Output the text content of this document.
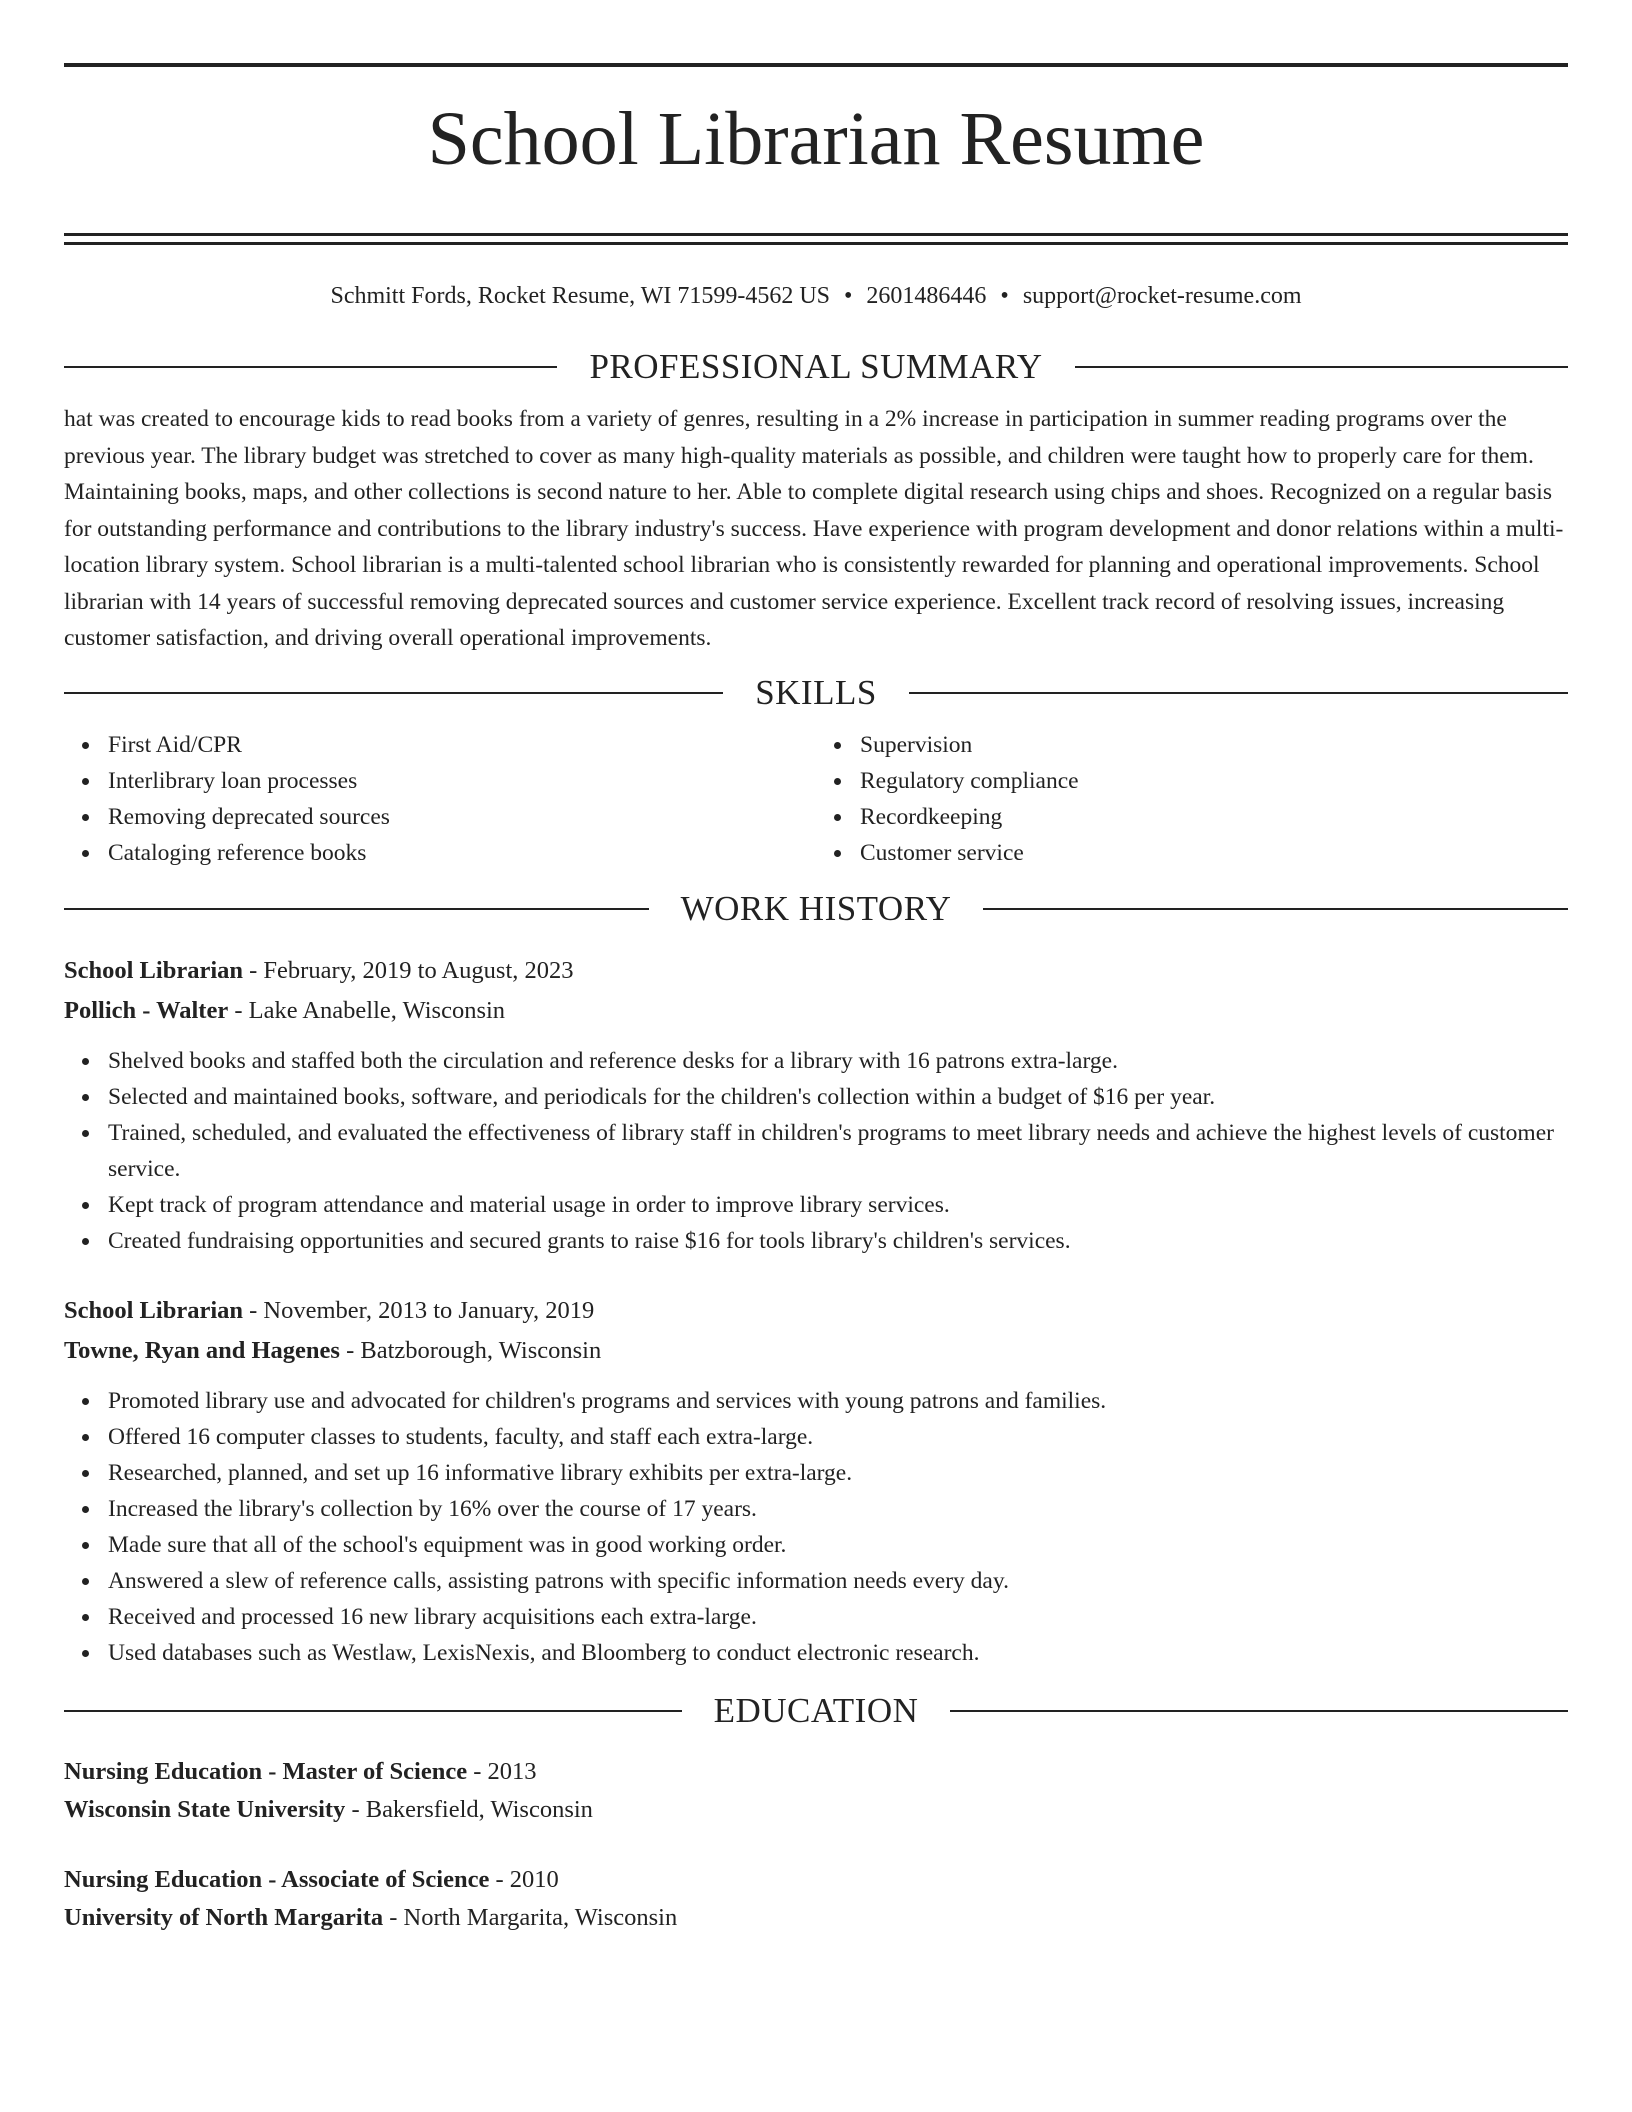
School Librarian Resume
Schmitt Fords, Rocket Resume, WI 71599-4562 US • 2601486446 • support@rocket-resume.com
PROFESSIONAL SUMMARY

hat was created to encourage kids to read books from a variety of genres, resulting in a 2% increase in participation in summer reading programs over the previous year. The library budget was stretched to cover as many high-quality materials as possible, and children were taught how to properly care for them. Maintaining books, maps, and other collections is second nature to her. Able to complete digital research using chips and shoes. Recognized on a regular basis for outstanding performance and contributions to the library industry's success. Have experience with program development and donor relations within a multi-location library system. School librarian is a multi-talented school librarian who is consistently rewarded for planning and operational improvements. School librarian with 14 years of successful removing deprecated sources and customer service experience. Excellent track record of resolving issues, increasing customer satisfaction, and driving overall operational improvements.

SKILLS
First Aid/CPR
Interlibrary loan processes
Removing deprecated sources
Cataloging reference books
Supervision
Regulatory compliance
Recordkeeping
Customer service
WORK HISTORY
School Librarian - February, 2019 to August, 2023
Pollich - Walter - Lake Anabelle, Wisconsin
Shelved books and staffed both the circulation and reference desks for a library with 16 patrons extra-large.
Selected and maintained books, software, and periodicals for the children's collection within a budget of $16 per year.
Trained, scheduled, and evaluated the effectiveness of library staff in children's programs to meet library needs and achieve the highest levels of customer service.
Kept track of program attendance and material usage in order to improve library services.
Created fundraising opportunities and secured grants to raise $16 for tools library's children's services.
School Librarian - November, 2013 to January, 2019
Towne, Ryan and Hagenes - Batzborough, Wisconsin
Promoted library use and advocated for children's programs and services with young patrons and families.
Offered 16 computer classes to students, faculty, and staff each extra-large.
Researched, planned, and set up 16 informative library exhibits per extra-large.
Increased the library's collection by 16% over the course of 17 years.
Made sure that all of the school's equipment was in good working order.
Answered a slew of reference calls, assisting patrons with specific information needs every day.
Received and processed 16 new library acquisitions each extra-large.
Used databases such as Westlaw, LexisNexis, and Bloomberg to conduct electronic research.
EDUCATION
Nursing Education - Master of Science - 2013
Wisconsin State University - Bakersfield, Wisconsin
Nursing Education - Associate of Science - 2010
University of North Margarita - North Margarita, Wisconsin
